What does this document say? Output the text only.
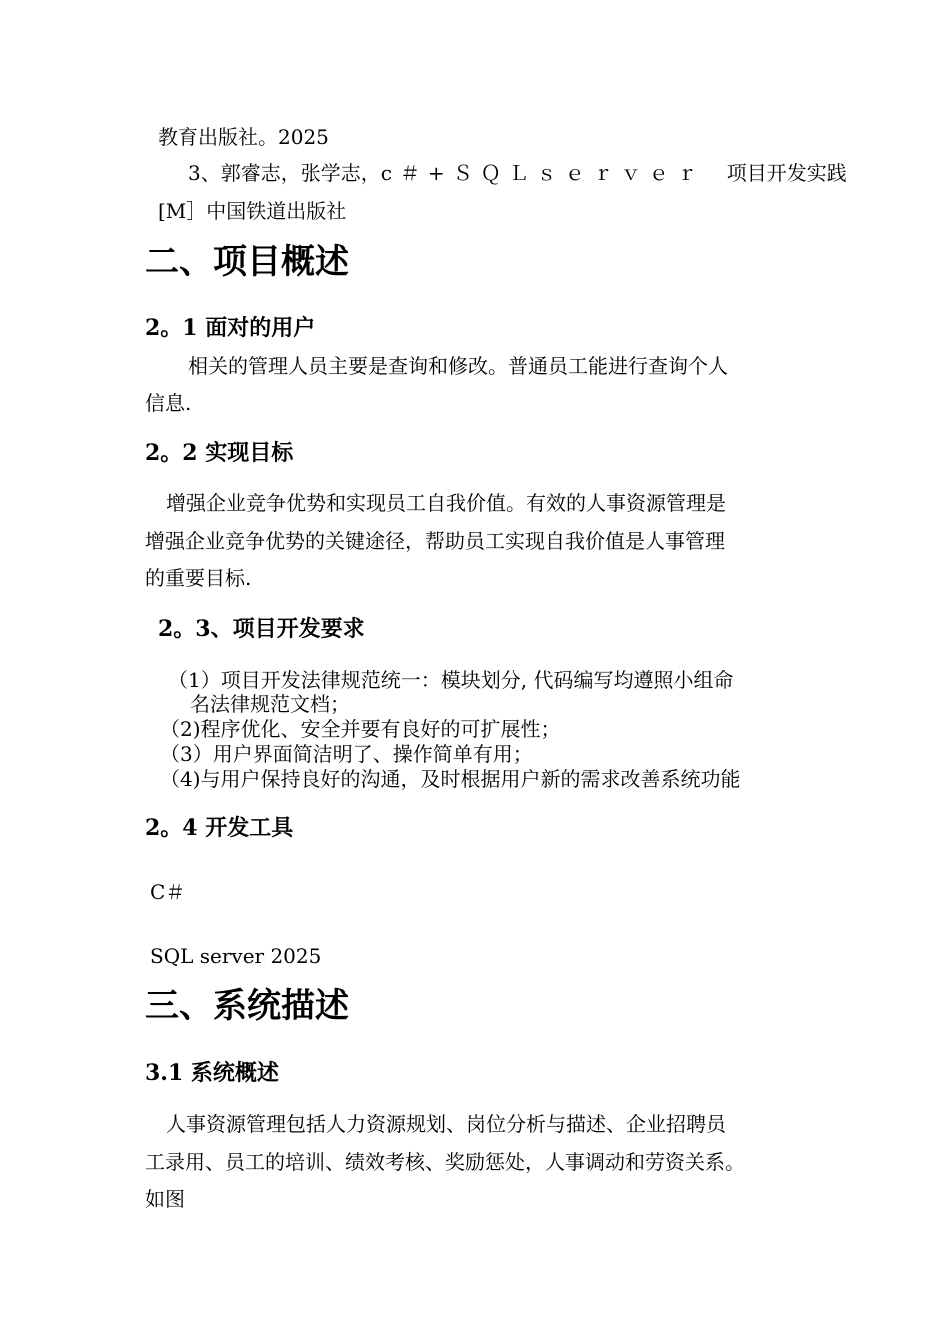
教育出版社。2025

3、郭睿志，张学志，c＃+ＳＱＬｓｅｒｖｅｒ 项目开发实践

[M］中国铁道出版社

二、项目概述
2。1 面对的用户

相关的管理人员主要是查询和修改。普通员工能进行查询个人

信息.

2。2 实现目标

增强企业竞争优势和实现员工自我价值。有效的人事资源管理是

增强企业竞争优势的关键途径，帮助员工实现自我价值是人事管理

的重要目标.

2。3、项目开发要求

（1）项目开发法律规范统一：模块划分, 代码编写均遵照小组命

名法律规范文档；

（2)程序优化、安全并要有良好的可扩展性；

（3）用户界面简洁明了、操作简单有用；

（4)与用户保持良好的沟通，及时根据用户新的需求改善系统功能

2。4 开发工具

C＃

SQL server 2025

三、系统描述
3.1 系统概述

人事资源管理包括人力资源规划、岗位分析与描述、企业招聘员

工录用、员工的培训、绩效考核、奖励惩处，人事调动和劳资关系。

如图
